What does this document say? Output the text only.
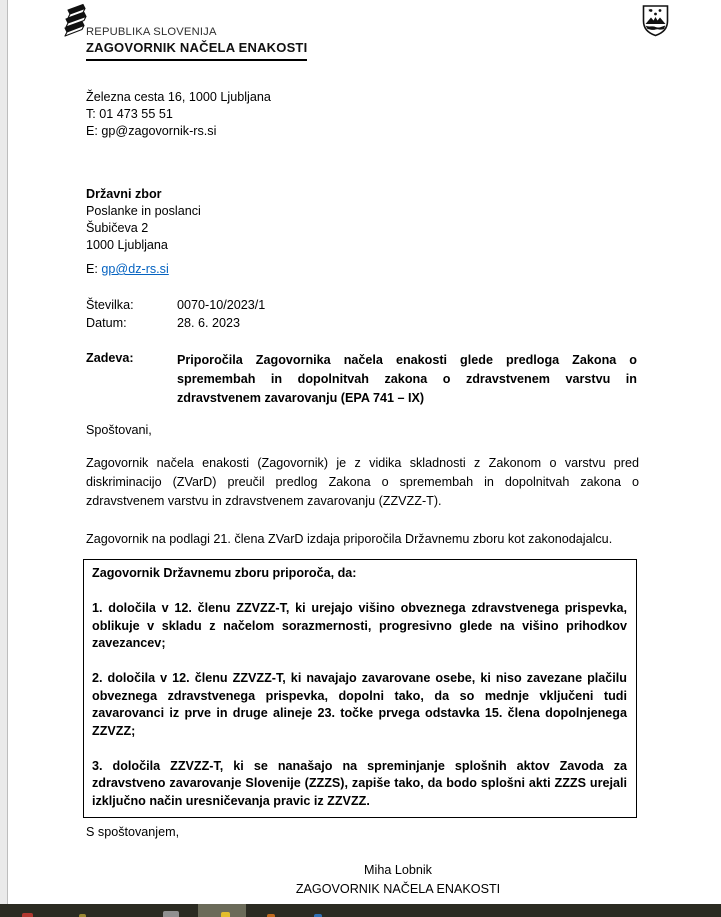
REPUBLIKA SLOVENIJA
ZAGOVORNIK NAČELA ENAKOSTI
Železna cesta 16, 1000 Ljubljana
T: 01 473 55 51
E: gp@zagovornik-rs.si
Državni zbor
Poslanke in poslanci
Šubičeva 2
1000 Ljubljana
E: gp@dz-rs.si
Številka:	0070-10/2023/1
Datum:	28. 6. 2023
Zadeva:	Priporočila Zagovornika načela enakosti glede predloga Zakona o spremembah in dopolnitvah zakona o zdravstvenem varstvu in zdravstvenem zavarovanju (EPA 741 – IX)
Spoštovani,
Zagovornik načela enakosti (Zagovornik) je z vidika skladnosti z Zakonom o varstvu pred diskriminacijo (ZVarD) preučil predlog Zakona o spremembah in dopolnitvah zakona o zdravstvenem varstvu in zdravstvenem zavarovanju (ZZVZZ-T).
Zagovornik na podlagi 21. člena ZVarD izdaja priporočila Državnemu zboru kot zakonodajalcu.

Zagovornik Državnemu zboru priporoča, da:

1. določila v 12. členu ZZVZZ-T, ki urejajo višino obveznega zdravstvenega prispevka, oblikuje v skladu z načelom sorazmernosti, progresivno glede na višino prihodkov zavezancev;

2. določila v 12. členu ZZVZZ-T, ki navajajo zavarovane osebe, ki niso zavezane plačilu obveznega zdravstvenega prispevka, dopolni tako, da so mednje vključeni tudi zavarovanci iz prve in druge alineje 23. točke prvega odstavka 15. člena dopolnjenega ZZVZZ;

3. določila ZZVZZ-T, ki se nanašajo na spreminjanje splošnih aktov Zavoda za zdravstveno zavarovanje Slovenije (ZZZS), zapiše tako, da bodo splošni akti ZZZS urejali izključno način uresničevanja pravic iz ZZVZZ.

S spoštovanjem,
Miha Lobnik
ZAGOVORNIK NAČELA ENAKOSTI
